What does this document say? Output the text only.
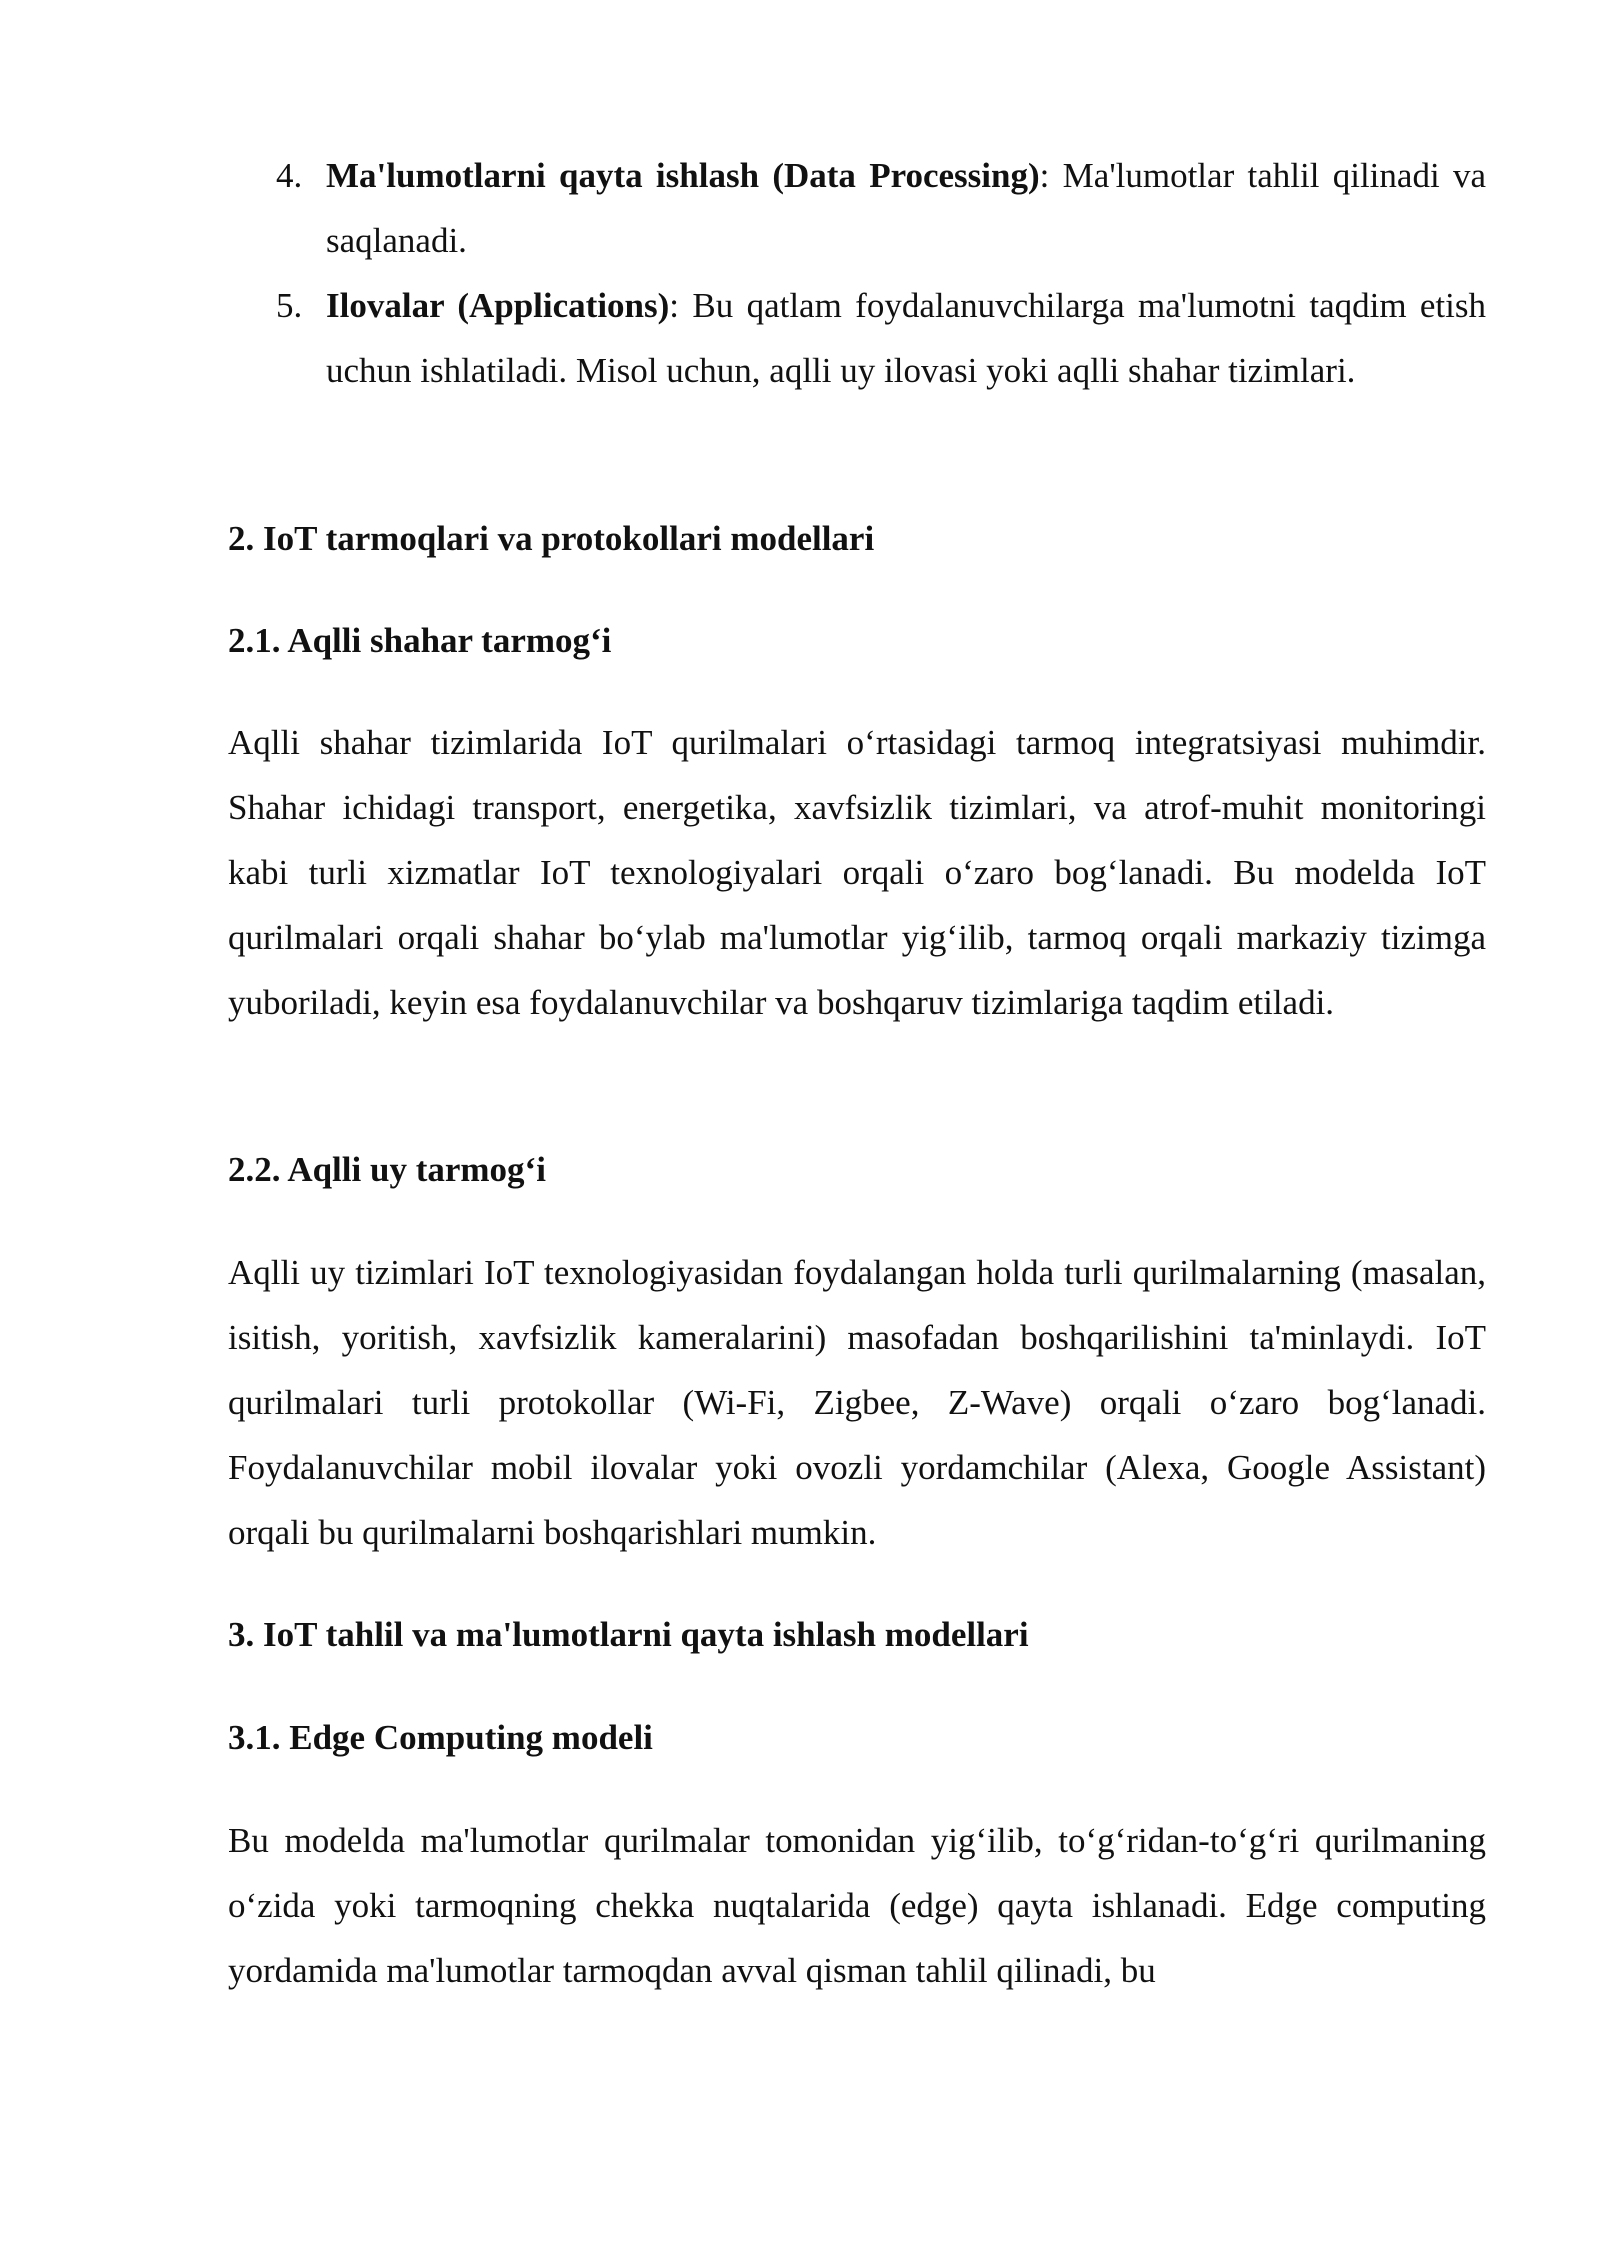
4. Ma'lumotlarni qayta ishlash (Data Processing): Ma'lumotlar tahlil qilinadi va saqlanadi.
5. Ilovalar (Applications): Bu qatlam foydalanuvchilarga ma'lumotni taqdim etish uchun ishlatiladi. Misol uchun, aqlli uy ilovasi yoki aqlli shahar tizimlari.
2. IoT tarmoqlari va protokollari modellari
2.1. Aqlli shahar tarmog‘i

Aqlli shahar tizimlarida IoT qurilmalari o‘rtasidagi tarmoq integratsiyasi muhimdir. Shahar ichidagi transport, energetika, xavfsizlik tizimlari, va atrof-muhit monitoringi kabi turli xizmatlar IoT texnologiyalari orqali o‘zaro bog‘lanadi. Bu modelda IoT qurilmalari orqali shahar bo‘ylab ma'lumotlar yig‘ilib, tarmoq orqali markaziy tizimga yuboriladi, keyin esa foydalanuvchilar va boshqaruv tizimlariga taqdim etiladi.

2.2. Aqlli uy tarmog‘i

Aqlli uy tizimlari IoT texnologiyasidan foydalangan holda turli qurilmalarning (masalan, isitish, yoritish, xavfsizlik kameralarini) masofadan boshqarilishini ta'minlaydi. IoT qurilmalari turli protokollar (Wi-Fi, Zigbee, Z-Wave) orqali o‘zaro bog‘lanadi. Foydalanuvchilar mobil ilovalar yoki ovozli yordamchilar (Alexa, Google Assistant) orqali bu qurilmalarni boshqarishlari mumkin.

3. IoT tahlil va ma'lumotlarni qayta ishlash modellari
3.1. Edge Computing modeli

Bu modelda ma'lumotlar qurilmalar tomonidan yig‘ilib, to‘g‘ridan-to‘g‘ri qurilmaning o‘zida yoki tarmoqning chekka nuqtalarida (edge) qayta ishlanadi. Edge computing yordamida ma'lumotlar tarmoqdan avval qisman tahlil qilinadi, bu
